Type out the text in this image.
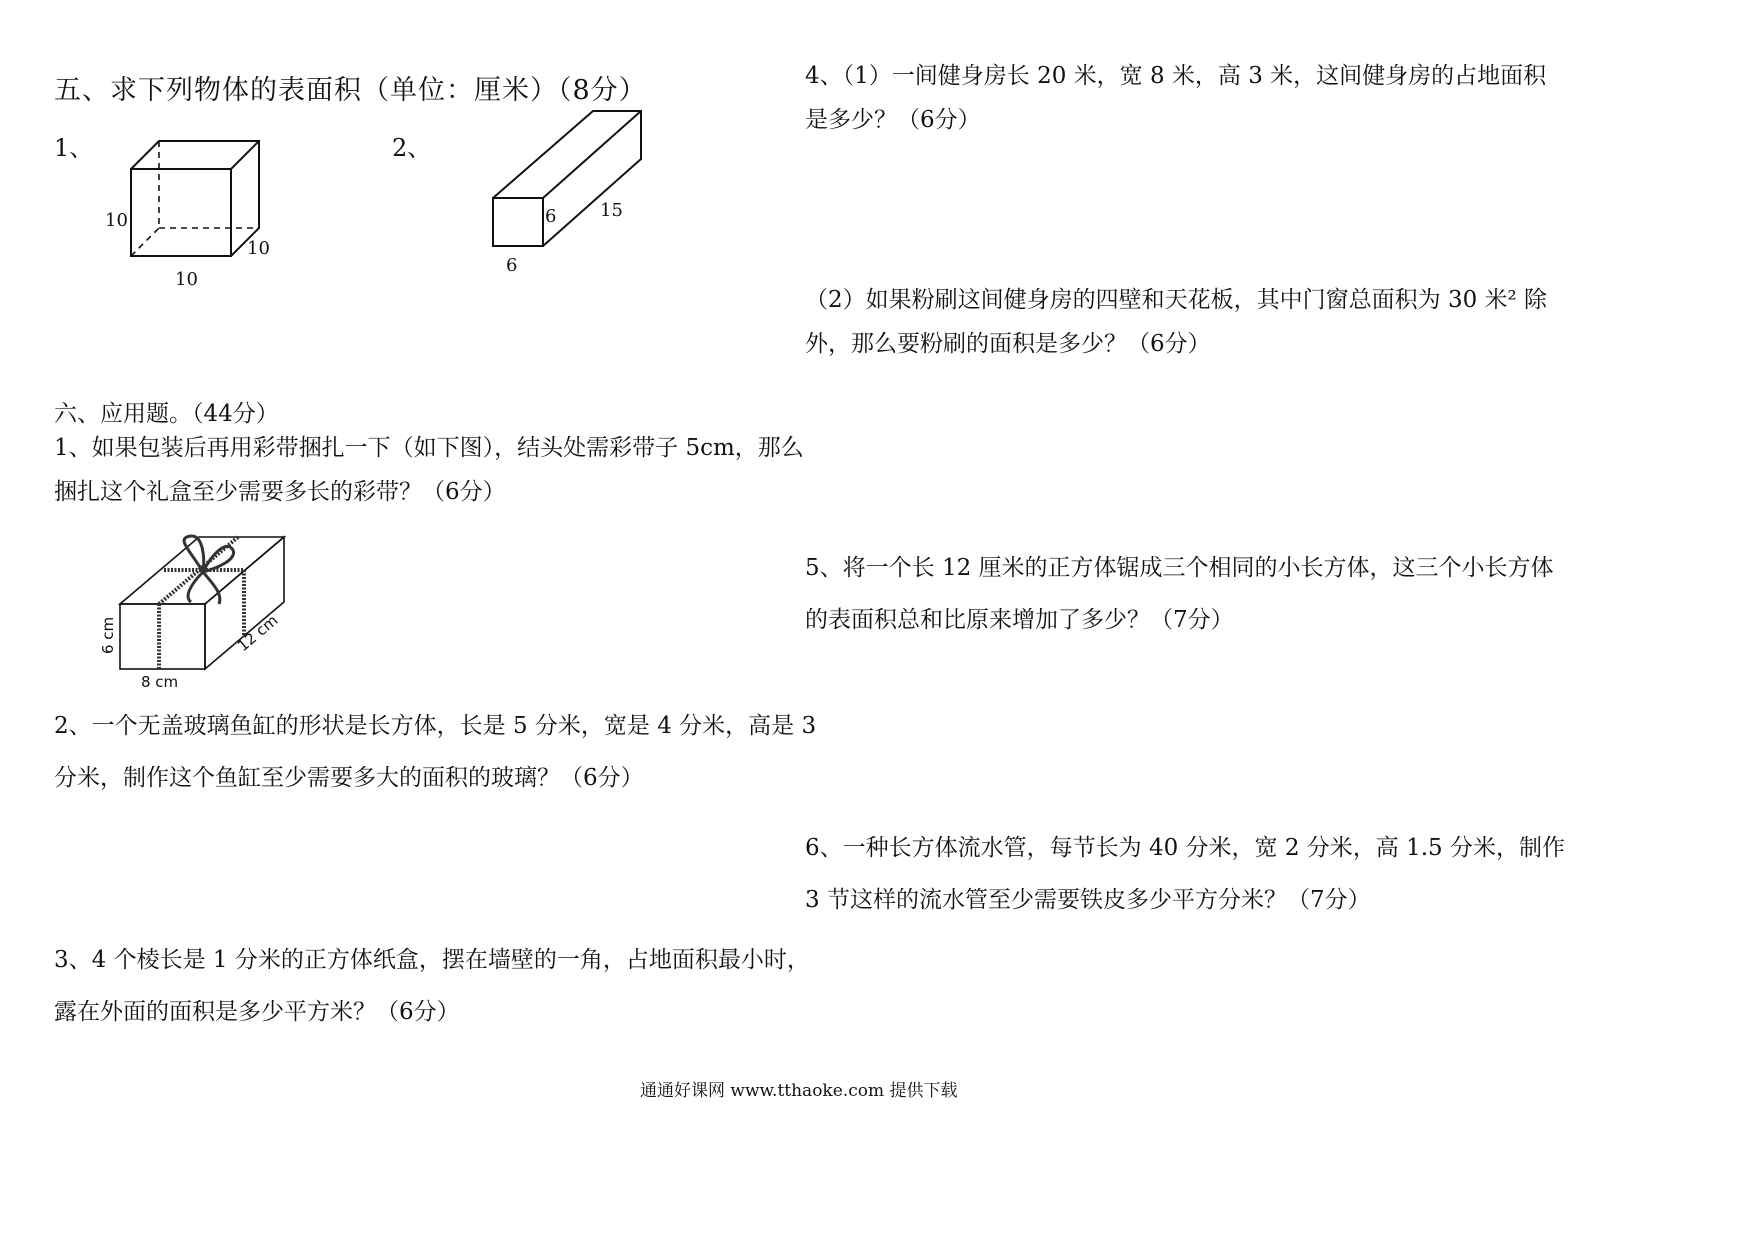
五、求下列物体的表面积（单位：厘米）（8分）
1、
10
10
10
2、
6 15
6
六、应用题。（44分）
1、如果包装后再用彩带捆扎一下（如下图），结头处需彩带子 5cm，那么
捆扎这个礼盒至少需要多长的彩带？（6分）
6 cm	12 cm
8 cm
2、一个无盖玻璃鱼缸的形状是长方体，长是 5 分米，宽是 4 分米，高是 3
分米，制作这个鱼缸至少需要多大的面积的玻璃？（6分）
3、4 个棱长是 1 分米的正方体纸盒，摆在墙壁的一角，占地面积最小时，
露在外面的面积是多少平方米？（6分）
4、（1）一间健身房长 20 米，宽 8 米，高 3 米，这间健身房的占地面积
是多少？（6分）
（2）如果粉刷这间健身房的四壁和天花板，其中门窗总面积为 30 米² 除
外，那么要粉刷的面积是多少？（6分）
5、将一个长 12 厘米的正方体锯成三个相同的小长方体，这三个小长方体
的表面积总和比原来增加了多少？（7分）
6、一种长方体流水管，每节长为 40 分米，宽 2 分米，高 1.5 分米，制作
3 节这样的流水管至少需要铁皮多少平方分米？（7分）
通通好课网 www.tthaoke.com 提供下载
